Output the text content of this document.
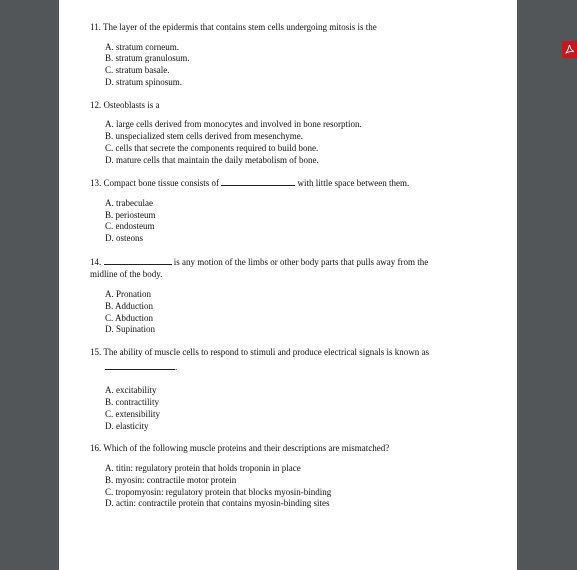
11. The layer of the epidermis that contains stem cells undergoing mitosis is the

A. stratum corneum.
B. stratum granulosum.
C. stratum basale.
D. stratum spinosum.

12. Osteoblasts is a

A. large cells derived from monocytes and involved in bone resorption.
B. unspecialized stem cells derived from mesenchyme.
C. cells that secrete the components required to build bone.
D. mature cells that maintain the daily metabolism of bone.

13. Compact bone tissue consists of	with little space between them.

A. trabeculae
B. periosteum
C. endosteum
D. osteons

14.	is any motion of the limbs or other body parts that pulls away from the
midline of the body.

A. Pronation
B. Adduction
C. Abduction
D. Supination

15. The ability of muscle cells to respond to stimuli and produce electrical signals is known as
.

A. excitability
B. contractility
C. extensibility
D. elasticity

16. Which of the following muscle proteins and their descriptions are mismatched?

A. titin: regulatory protein that holds troponin in place
B. myosin: contractile motor protein
C. tropomyosin: regulatory protein that blocks myosin-binding
D. actin: contractile protein that contains myosin-binding sites
